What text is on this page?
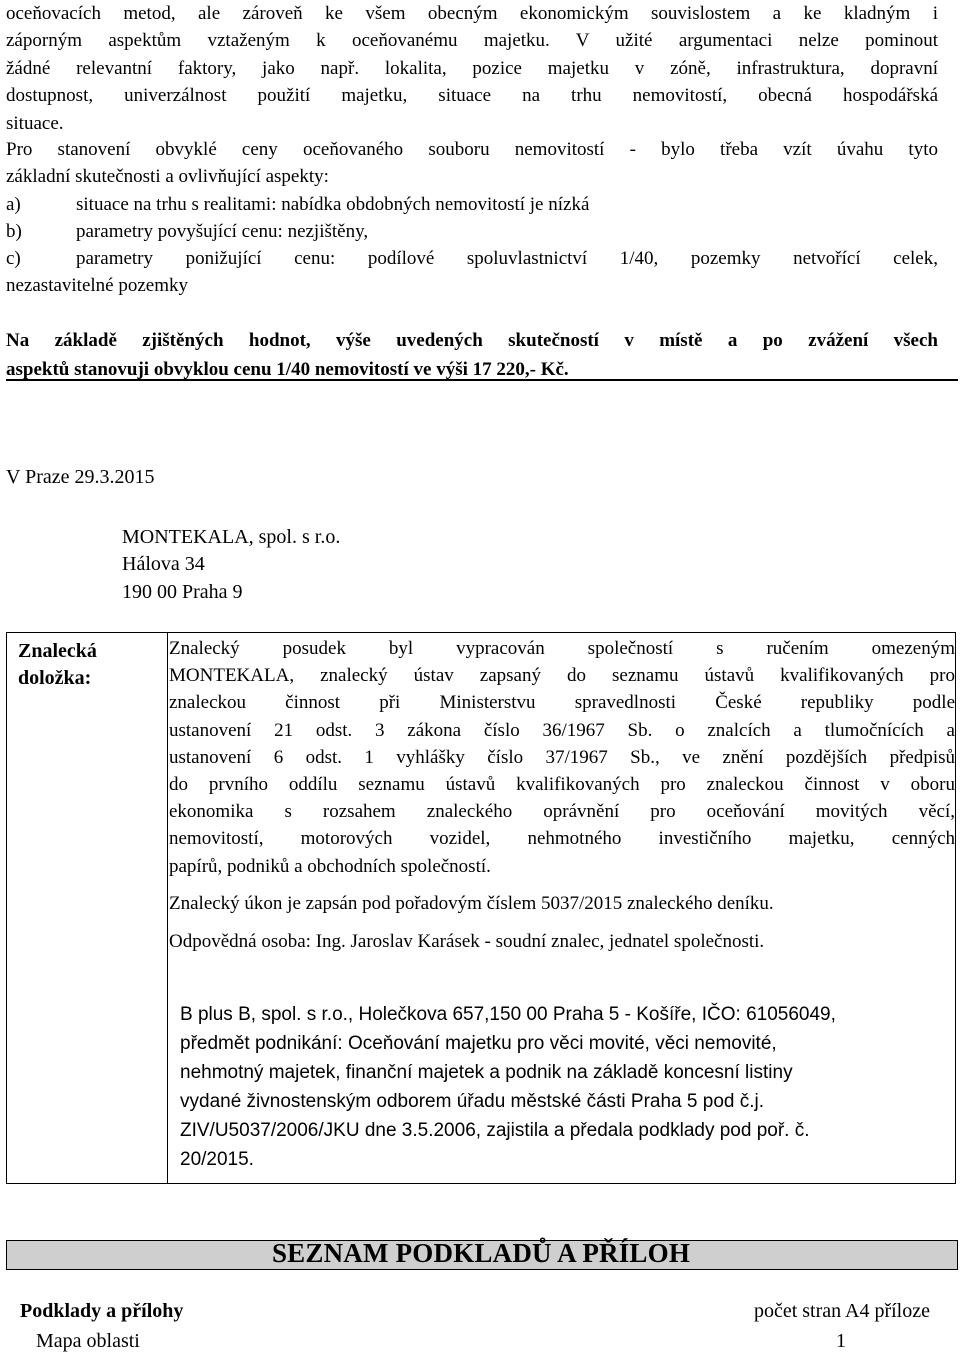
oceňovacích metod, ale zároveň ke všem obecným ekonomickým souvislostem a ke kladným i
záporným aspektům vztaženým k oceňovanému majetku. V užité argumentaci nelze pominout
žádné relevantní faktory, jako např. lokalita, pozice majetku v zóně, infrastruktura, dopravní
dostupnost, univerzálnost použití majetku, situace na trhu nemovitostí, obecná hospodářská
situace.
Pro stanovení obvyklé ceny oceňovaného souboru nemovitostí - bylo třeba vzít úvahu tyto
základní skutečnosti a ovlivňující aspekty:
a)	situace na trhu s realitami: nabídka obdobných nemovitostí je nízká
b)	parametry povyšující cenu: nezjištěny,
c)	parametry ponižující cenu: podílové spoluvlastnictví 1/40, pozemky netvořící celek,
nezastavitelné pozemky
Na základě zjištěných hodnot, výše uvedených skutečností v místě a po zvážení všech
aspektů stanovuji obvyklou cenu 1/40 nemovitostí ve výši 17 220,- Kč.
V Praze 29.3.2015
MONTEKALA, spol. s r.o.
Hálova 34
190 00 Praha 9
Znalecká
doložka:
Znalecký posudek byl vypracován společností s ručením omezeným
MONTEKALA, znalecký ústav zapsaný do seznamu ústavů kvalifikovaných pro
znaleckou činnost při Ministerstvu spravedlnosti České republiky podle
ustanovení 21 odst. 3 zákona číslo 36/1967 Sb. o znalcích a tlumočnících a
ustanovení 6 odst. 1 vyhlášky číslo 37/1967 Sb., ve znění pozdějších předpisů
do prvního oddílu seznamu ústavů kvalifikovaných pro znaleckou činnost v oboru
ekonomika s rozsahem znaleckého oprávnění pro oceňování movitých věcí,
nemovitostí, motorových vozidel, nehmotného investičního majetku, cenných
papírů, podniků a obchodních společností.
Znalecký úkon je zapsán pod pořadovým číslem 5037/2015 znaleckého deníku.
Odpovědná osoba: Ing. Jaroslav Karásek - soudní znalec, jednatel společnosti.
B plus B, spol. s r.o., Holečkova 657,150 00 Praha 5 - Košíře, IČO: 61056049,
předmět podnikání: Oceňování majetku pro věci movité, věci nemovité,
nehmotný majetek, finanční majetek a podnik na základě koncesní listiny
vydané živnostenským odborem úřadu městské části Praha 5 pod č.j.
ZIV/U5037/2006/JKU dne 3.5.2006, zajistila a předala podklady pod poř. č.
20/2015.
SEZNAM PODKLADŮ A PŘÍLOH
Podklady a přílohy	počet stran A4 příloze
Mapa oblasti	1
